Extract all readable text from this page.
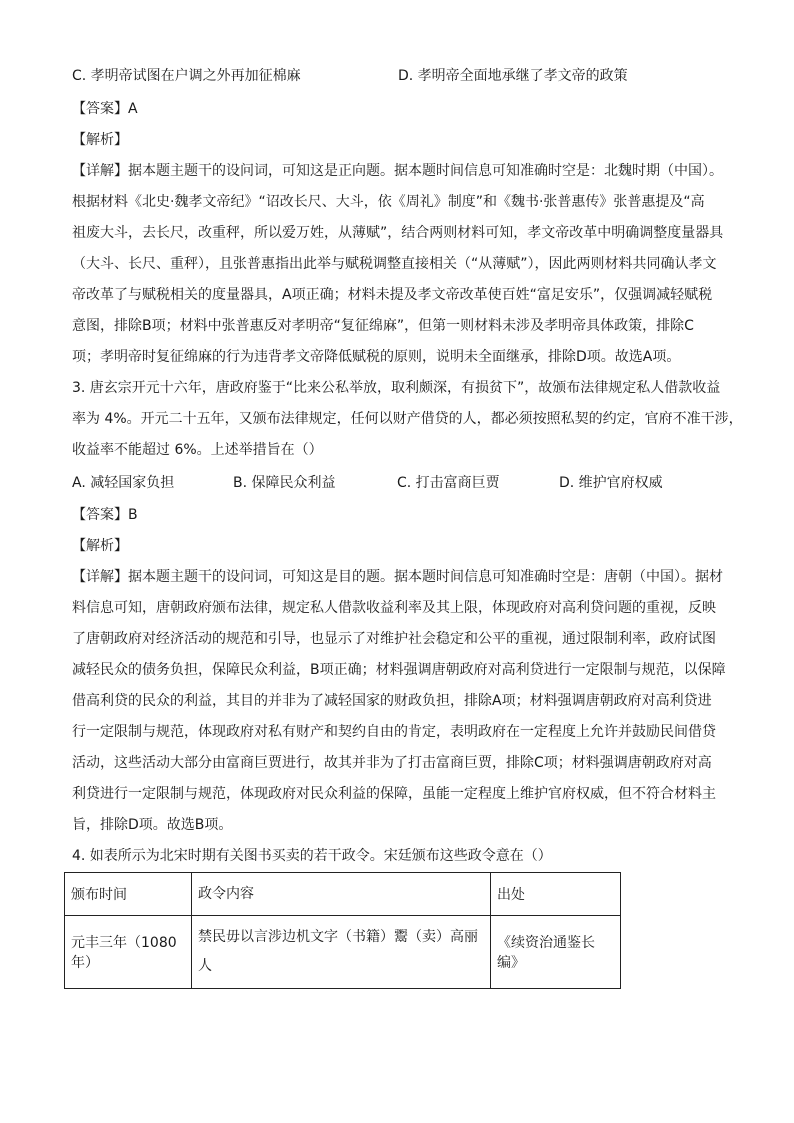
C. 孝明帝试图在户调之外再加征棉麻	D. 孝明帝全面地承继了孝文帝的政策
【答案】A
【解析】
【详解】据本题主题干的设问词，可知这是正向题。据本题时间信息可知准确时空是：北魏时期（中国）。
根据材料《北史·魏孝文帝纪》“诏改长尺、大斗，依《周礼》制度”和《魏书·张普惠传》张普惠提及“高
祖废大斗，去长尺，改重秤，所以爱万姓，从薄赋”，结合两则材料可知，孝文帝改革中明确调整度量器具
（大斗、长尺、重秤），且张普惠指出此举与赋税调整直接相关（“从薄赋”），因此两则材料共同确认孝文
帝改革了与赋税相关的度量器具，A项正确；材料未提及孝文帝改革使百姓“富足安乐”，仅强调减轻赋税
意图，排除B项；材料中张普惠反对孝明帝“复征绵麻”，但第一则材料未涉及孝明帝具体政策，排除C
项；孝明帝时复征绵麻的行为违背孝文帝降低赋税的原则，说明未全面继承，排除D项。故选A项。
3. 唐玄宗开元十六年，唐政府鉴于“比来公私举放，取利颇深，有损贫下”，故颁布法律规定私人借款收益
率为 4%。开元二十五年，又颁布法律规定，任何以财产借贷的人，都必须按照私契的约定，官府不准干涉，
收益率不能超过 6%。上述举措旨在（）
A. 减轻国家负担	B. 保障民众利益	C. 打击富商巨贾	D. 维护官府权威
【答案】B
【解析】
【详解】据本题主题干的设问词，可知这是目的题。据本题时间信息可知准确时空是：唐朝（中国）。据材
料信息可知，唐朝政府颁布法律，规定私人借款收益利率及其上限，体现政府对高利贷问题的重视，反映
了唐朝政府对经济活动的规范和引导，也显示了对维护社会稳定和公平的重视，通过限制利率，政府试图
减轻民众的债务负担，保障民众利益，B项正确；材料强调唐朝政府对高利贷进行一定限制与规范，以保障
借高利贷的民众的利益，其目的并非为了减轻国家的财政负担，排除A项；材料强调唐朝政府对高利贷进
行一定限制与规范，体现政府对私有财产和契约自由的肯定，表明政府在一定程度上允许并鼓励民间借贷
活动，这些活动大部分由富商巨贾进行，故其并非为了打击富商巨贾，排除C项；材料强调唐朝政府对高
利贷进行一定限制与规范，体现政府对民众利益的保障，虽能一定程度上维护官府权威，但不符合材料主
旨，排除D项。故选B项。
4. 如表所示为北宋时期有关图书买卖的若干政令。宋廷颁布这些政令意在（）
颁布时间	政令内容	出处
元丰三年（1080年）	禁民毋以言涉边机文字（书籍）鬻（卖）高丽人	《续资治通鉴长编》
